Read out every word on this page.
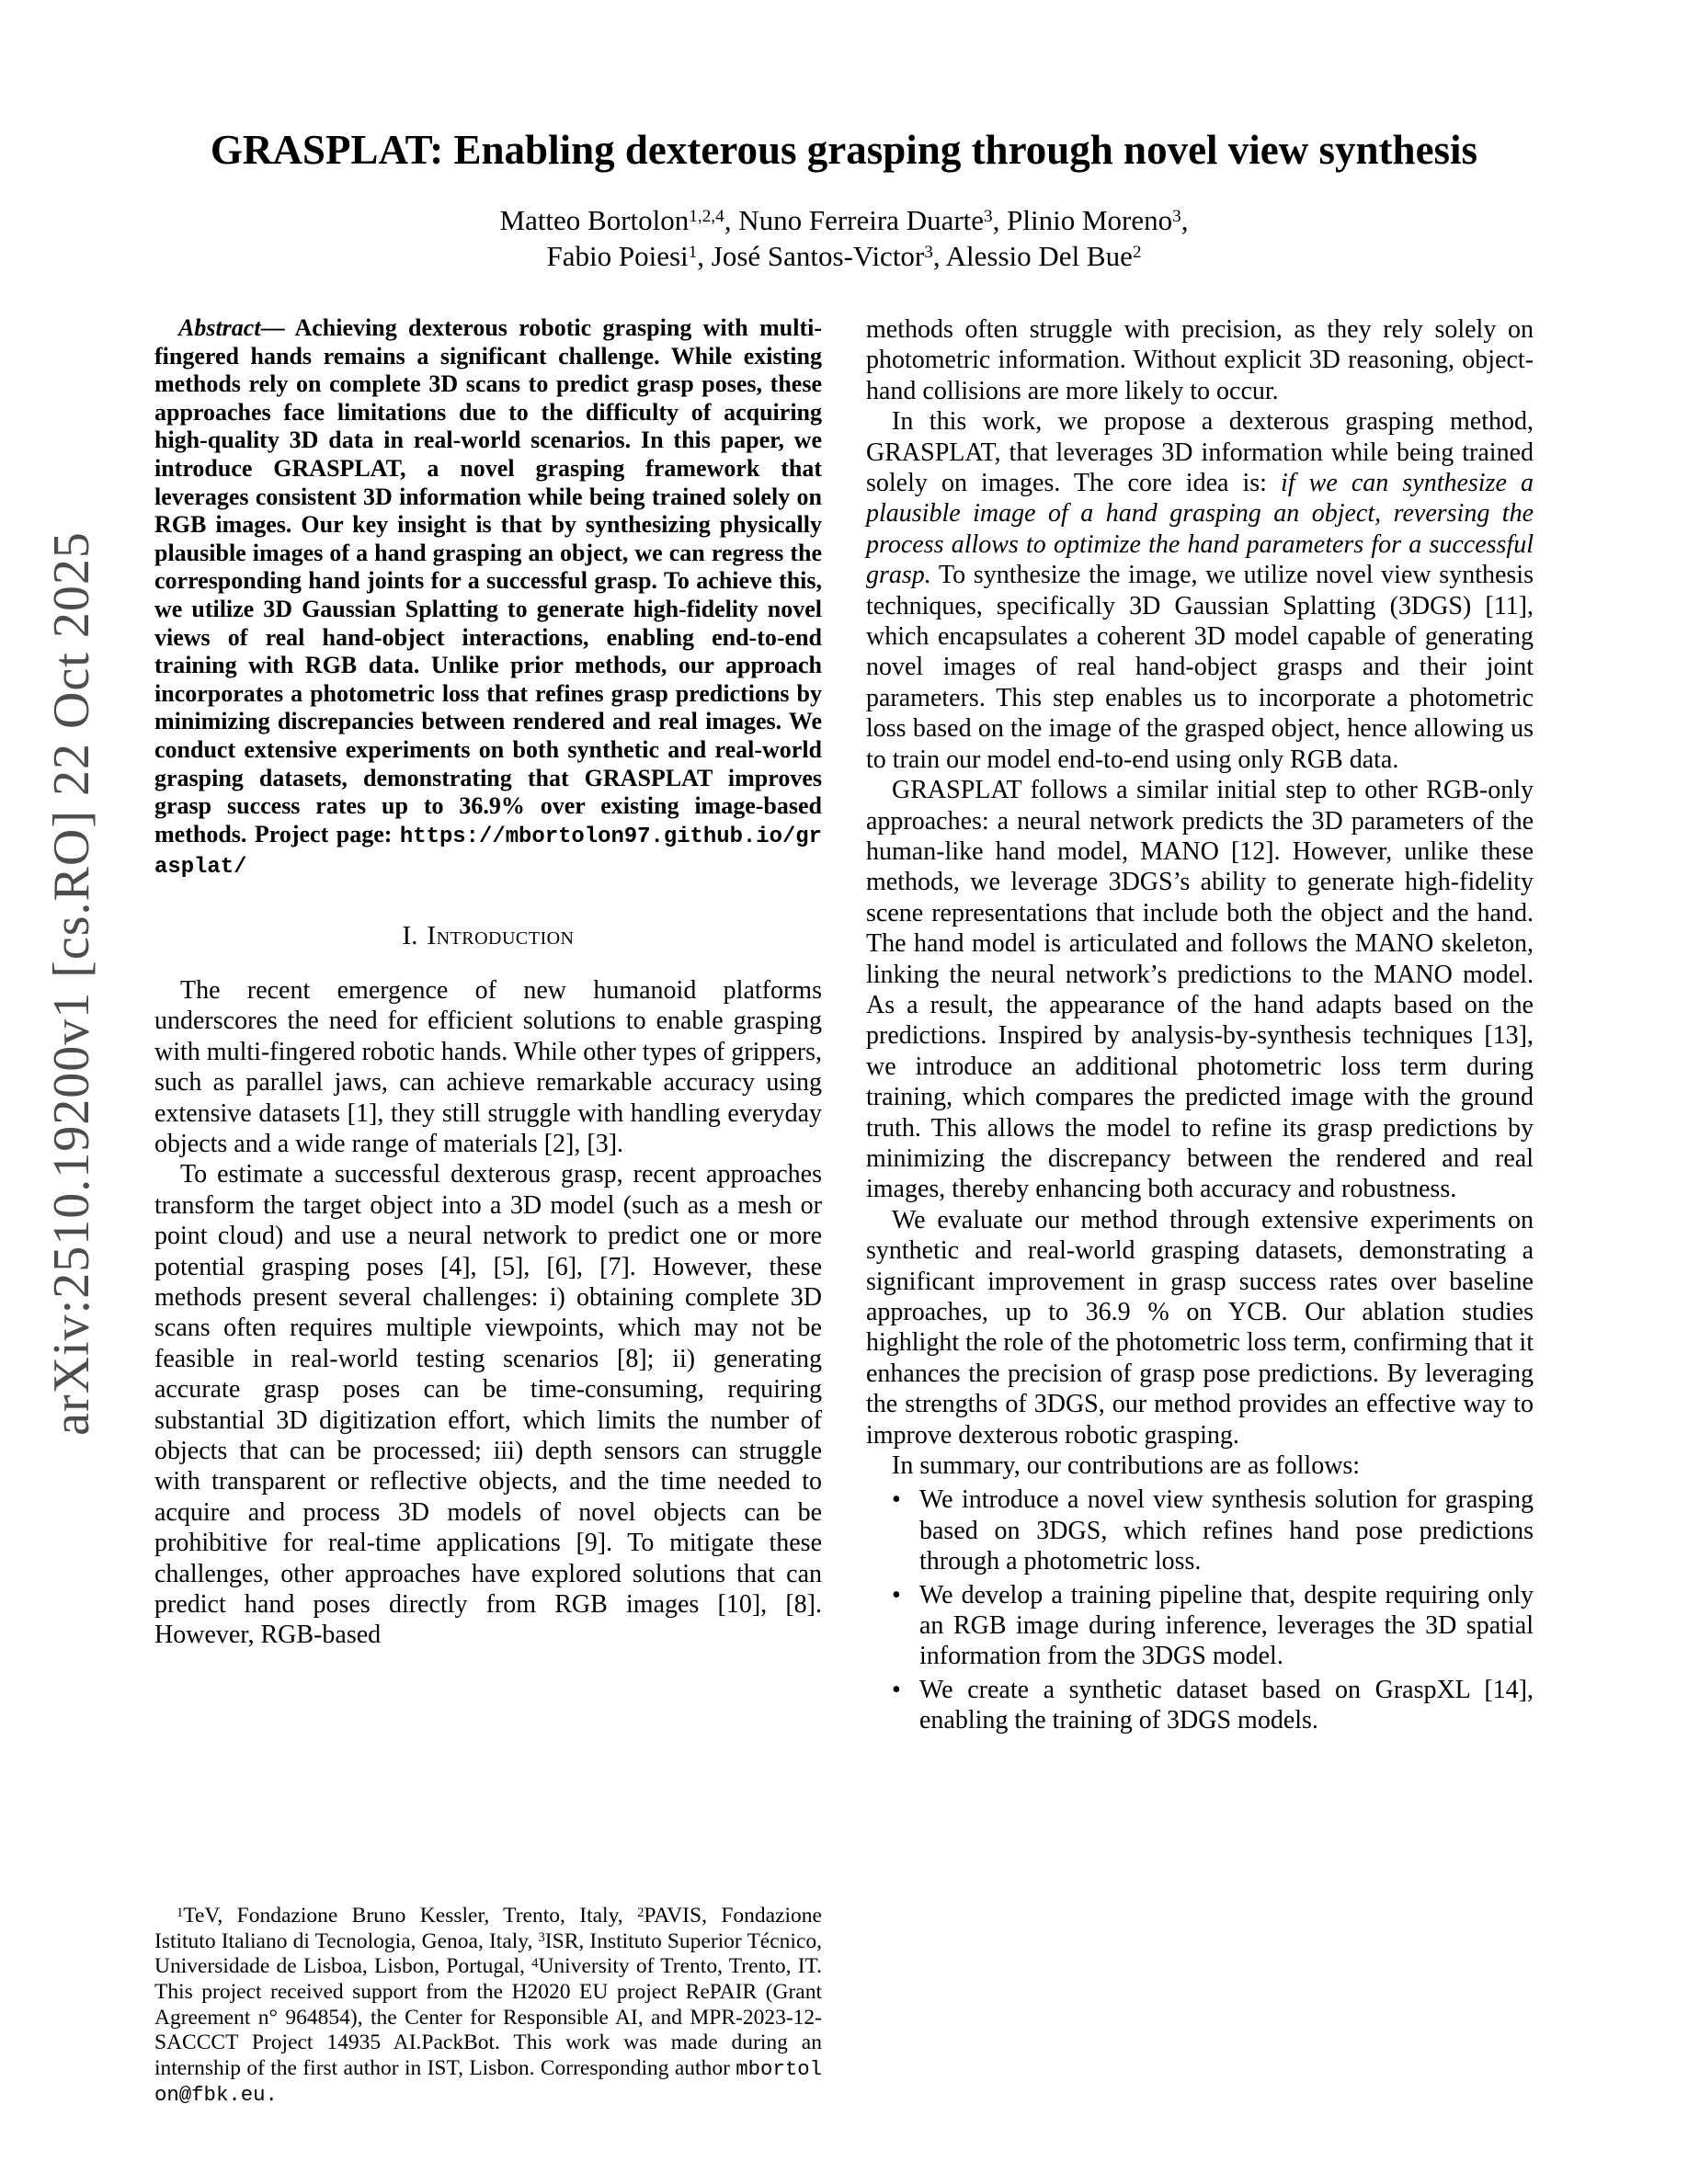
arXiv:2510.19200v1 [cs.RO] 22 Oct 2025
GRASPLAT: Enabling dexterous grasping through novel view synthesis
Matteo Bortolon$^{1,2,4}$, Nuno Ferreira Duarte$^3$, Plinio Moreno$^3$,
Fabio Poiesi$^1$, José Santos-Victor$^3$, Alessio Del Bue$^2$

Abstract— Achieving dexterous robotic grasping with multi-fingered hands remains a significant challenge. While existing methods rely on complete 3D scans to predict grasp poses, these approaches face limitations due to the difficulty of acquiring high-quality 3D data in real-world scenarios. In this paper, we introduce GRASPLAT, a novel grasping framework that leverages consistent 3D information while being trained solely on RGB images. Our key insight is that by synthesizing physically plausible images of a hand grasping an object, we can regress the corresponding hand joints for a successful grasp. To achieve this, we utilize 3D Gaussian Splatting to generate high-fidelity novel views of real hand-object interactions, enabling end-to-end training with RGB data. Unlike prior methods, our approach incorporates a photometric loss that refines grasp predictions by minimizing discrepancies between rendered and real images. We conduct extensive experiments on both synthetic and real-world grasping datasets, demonstrating that GRASPLAT improves grasp success rates up to 36.9% over existing image-based methods. Project page: https://mbortolon97.github.io/grasplat/

I. Introduction

The recent emergence of new humanoid platforms underscores the need for efficient solutions to enable grasping with multi-fingered robotic hands. While other types of grippers, such as parallel jaws, can achieve remarkable accuracy using extensive datasets [1], they still struggle with handling everyday objects and a wide range of materials [2], [3].

To estimate a successful dexterous grasp, recent approaches transform the target object into a 3D model (such as a mesh or point cloud) and use a neural network to predict one or more potential grasping poses [4], [5], [6], [7]. However, these methods present several challenges: i) obtaining complete 3D scans often requires multiple viewpoints, which may not be feasible in real-world testing scenarios [8]; ii) generating accurate grasp poses can be time-consuming, requiring substantial 3D digitization effort, which limits the number of objects that can be processed; iii) depth sensors can struggle with transparent or reflective objects, and the time needed to acquire and process 3D models of novel objects can be prohibitive for real-time applications [9]. To mitigate these challenges, other approaches have explored solutions that can predict hand poses directly from RGB images [10], [8]. However, RGB-based

$^1$TeV, Fondazione Bruno Kessler, Trento, Italy, $^2$PAVIS, Fondazione Istituto Italiano di Tecnologia, Genoa, Italy, $^3$ISR, Instituto Superior Técnico, Universidade de Lisboa, Lisbon, Portugal, $^4$University of Trento, Trento, IT. This project received support from the H2020 EU project RePAIR (Grant Agreement n° 964854), the Center for Responsible AI, and MPR-2023-12- SACCCT Project 14935 AI.PackBot. This work was made during an internship of the first author in IST, Lisbon. Corresponding author mbortolon@fbk.eu.

methods often struggle with precision, as they rely solely on photometric information. Without explicit 3D reasoning, object-hand collisions are more likely to occur.

In this work, we propose a dexterous grasping method, GRASPLAT, that leverages 3D information while being trained solely on images. The core idea is: if we can synthesize a plausible image of a hand grasping an object, reversing the process allows to optimize the hand parameters for a successful grasp. To synthesize the image, we utilize novel view synthesis techniques, specifically 3D Gaussian Splatting (3DGS) [11], which encapsulates a coherent 3D model capable of generating novel images of real hand-object grasps and their joint parameters. This step enables us to incorporate a photometric loss based on the image of the grasped object, hence allowing us to train our model end-to-end using only RGB data.

GRASPLAT follows a similar initial step to other RGB-only approaches: a neural network predicts the 3D parameters of the human-like hand model, MANO [12]. However, unlike these methods, we leverage 3DGS’s ability to generate high-fidelity scene representations that include both the object and the hand. The hand model is articulated and follows the MANO skeleton, linking the neural network’s predictions to the MANO model. As a result, the appearance of the hand adapts based on the predictions. Inspired by analysis-by-synthesis techniques [13], we introduce an additional photometric loss term during training, which compares the predicted image with the ground truth. This allows the model to refine its grasp predictions by minimizing the discrepancy between the rendered and real images, thereby enhancing both accuracy and robustness.

We evaluate our method through extensive experiments on synthetic and real-world grasping datasets, demonstrating a significant improvement in grasp success rates over baseline approaches, up to 36.9 % on YCB. Our ablation studies highlight the role of the photometric loss term, confirming that it enhances the precision of grasp pose predictions. By leveraging the strengths of 3DGS, our method provides an effective way to improve dexterous robotic grasping.

In summary, our contributions are as follows:

• We introduce a novel view synthesis solution for grasping based on 3DGS, which refines hand pose predictions through a photometric loss.
• We develop a training pipeline that, despite requiring only an RGB image during inference, leverages the 3D spatial information from the 3DGS model.
• We create a synthetic dataset based on GraspXL [14], enabling the training of 3DGS models.
